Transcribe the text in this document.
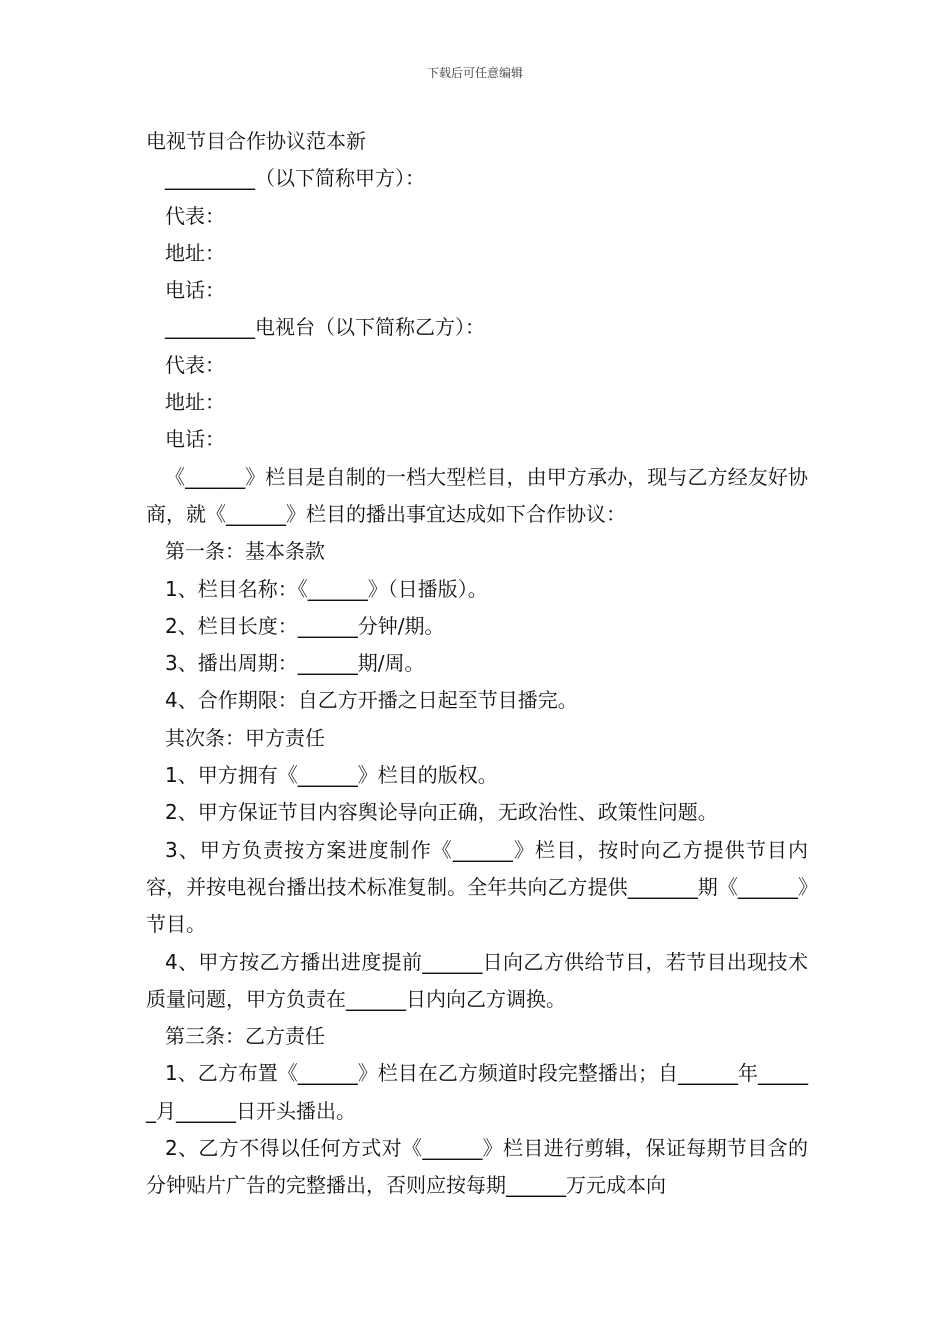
下载后可任意编辑
电视节目合作协议范本新
_________（以下简称甲方）：
代表：
地址：
电话：
_________电视台（以下简称乙方）：
代表：
地址：
电话：
《______》栏目是自制的一档大型栏目，由甲方承办，现与乙方经友好协商，就《______》栏目的播出事宜达成如下合作协议：
第一条：基本条款
1、栏目名称：《______》（日播版）。
2、栏目长度：______分钟/期。
3、播出周期：______期/周。
4、合作期限：自乙方开播之日起至节目播完。
其次条：甲方责任
1、甲方拥有《______》栏目的版权。
2、甲方保证节目内容舆论导向正确，无政治性、政策性问题。
3、甲方负责按方案进度制作《______》栏目，按时向乙方提供节目内容，并按电视台播出技术标准复制。全年共向乙方提供_______期《______》节目。
4、甲方按乙方播出进度提前______日向乙方供给节目，若节目出现技术质量问题，甲方负责在______日内向乙方调换。
第三条：乙方责任
1、乙方布置《______》栏目在乙方频道时段完整播出；自______年______月______日开头播出。
2、乙方不得以任何方式对《______》栏目进行剪辑，保证每期节目含的分钟贴片广告的完整播出，否则应按每期______万元成本向
